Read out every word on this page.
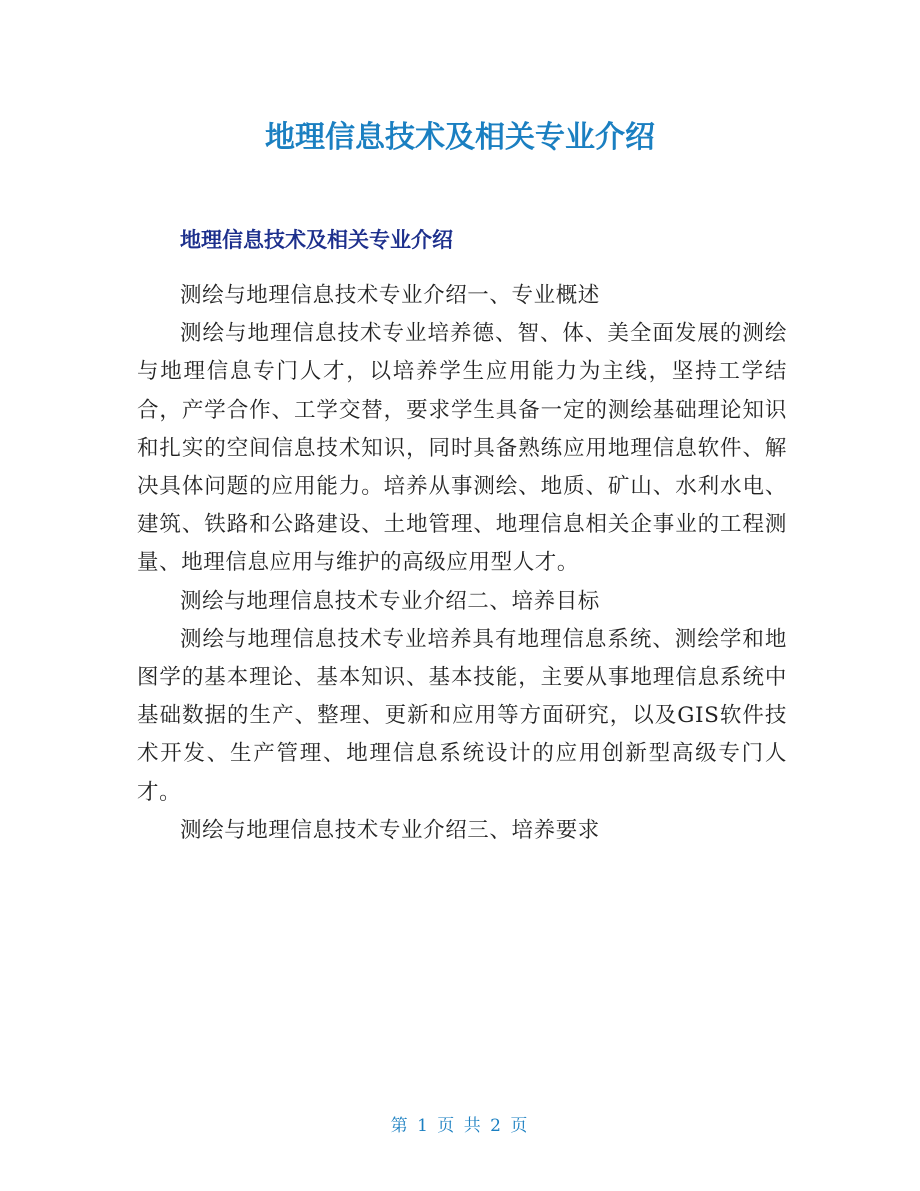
地理信息技术及相关专业介绍
地理信息技术及相关专业介绍

测绘与地理信息技术专业介绍一、专业概述

测绘与地理信息技术专业培养德、智、体、美全面发展的测绘与地理信息专门人才，以培养学生应用能力为主线，坚持工学结合，产学合作、工学交替，要求学生具备一定的测绘基础理论知识和扎实的空间信息技术知识，同时具备熟练应用地理信息软件、解决具体问题的应用能力。培养从事测绘、地质、矿山、水利水电、建筑、铁路和公路建设、土地管理、地理信息相关企事业的工程测量、地理信息应用与维护的高级应用型人才。

测绘与地理信息技术专业介绍二、培养目标

测绘与地理信息技术专业培养具有地理信息系统、测绘学和地图学的基本理论、基本知识、基本技能，主要从事地理信息系统中基础数据的生产、整理、更新和应用等方面研究，以及GIS软件技术开发、生产管理、地理信息系统设计的应用创新型高级专门人才。

测绘与地理信息技术专业介绍三、培养要求

第 1 页 共 2 页
